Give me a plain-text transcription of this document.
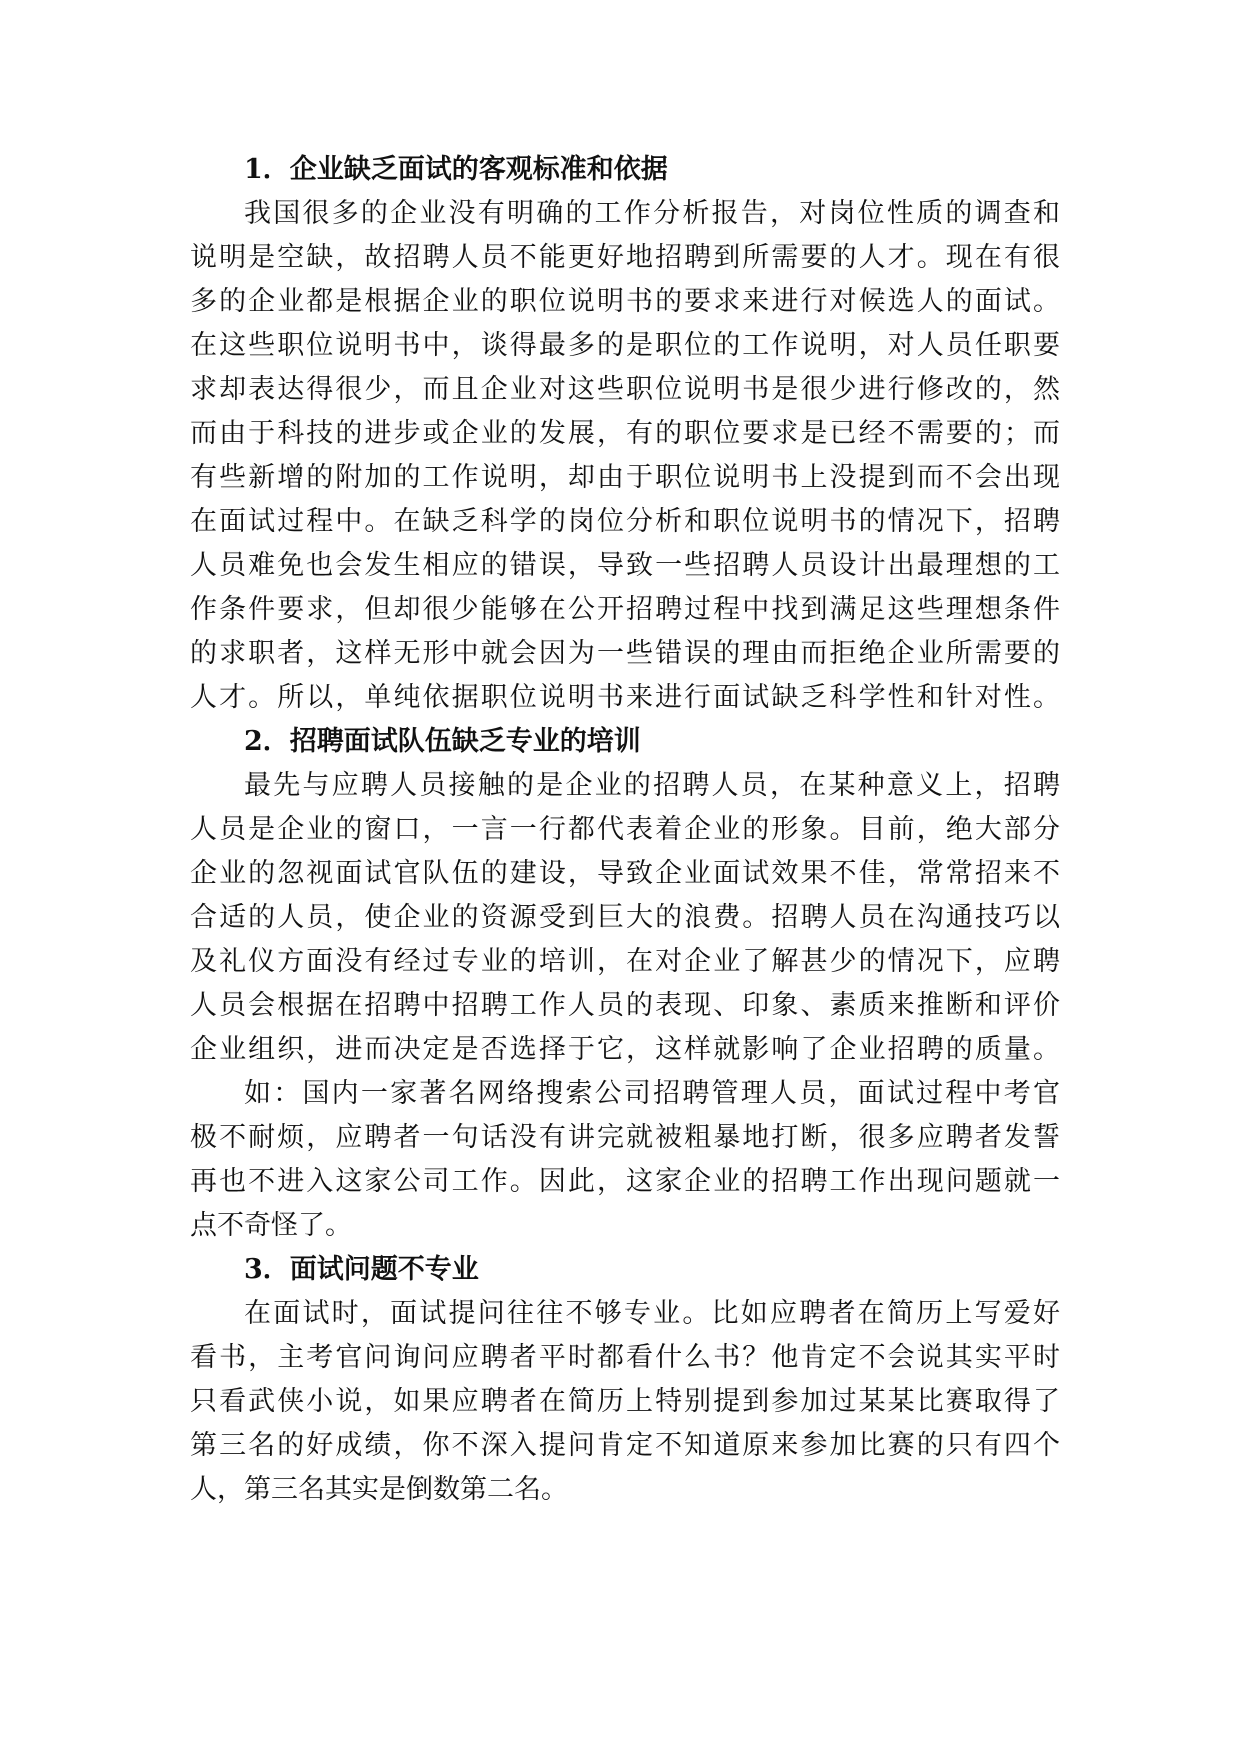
1．企业缺乏面试的客观标准和依据
我国很多的企业没有明确的工作分析报告，对岗位性质的调查和
说明是空缺，故招聘人员不能更好地招聘到所需要的人才。现在有很
多的企业都是根据企业的职位说明书的要求来进行对候选人的面试。
在这些职位说明书中，谈得最多的是职位的工作说明，对人员任职要
求却表达得很少，而且企业对这些职位说明书是很少进行修改的，然
而由于科技的进步或企业的发展，有的职位要求是已经不需要的；而
有些新增的附加的工作说明，却由于职位说明书上没提到而不会出现
在面试过程中。在缺乏科学的岗位分析和职位说明书的情况下，招聘
人员难免也会发生相应的错误，导致一些招聘人员设计出最理想的工
作条件要求，但却很少能够在公开招聘过程中找到满足这些理想条件
的求职者，这样无形中就会因为一些错误的理由而拒绝企业所需要的
人才。所以，单纯依据职位说明书来进行面试缺乏科学性和针对性。
2．招聘面试队伍缺乏专业的培训
最先与应聘人员接触的是企业的招聘人员，在某种意义上，招聘
人员是企业的窗口，一言一行都代表着企业的形象。目前，绝大部分
企业的忽视面试官队伍的建设，导致企业面试效果不佳，常常招来不
合适的人员，使企业的资源受到巨大的浪费。招聘人员在沟通技巧以
及礼仪方面没有经过专业的培训，在对企业了解甚少的情况下，应聘
人员会根据在招聘中招聘工作人员的表现、印象、素质来推断和评价
企业组织，进而决定是否选择于它，这样就影响了企业招聘的质量。
如：国内一家著名网络搜索公司招聘管理人员，面试过程中考官
极不耐烦，应聘者一句话没有讲完就被粗暴地打断，很多应聘者发誓
再也不进入这家公司工作。因此，这家企业的招聘工作出现问题就一
点不奇怪了。
3．面试问题不专业
在面试时，面试提问往往不够专业。比如应聘者在简历上写爱好
看书，主考官问询问应聘者平时都看什么书？他肯定不会说其实平时
只看武侠小说，如果应聘者在简历上特别提到参加过某某比赛取得了
第三名的好成绩，你不深入提问肯定不知道原来参加比赛的只有四个
人，第三名其实是倒数第二名。
